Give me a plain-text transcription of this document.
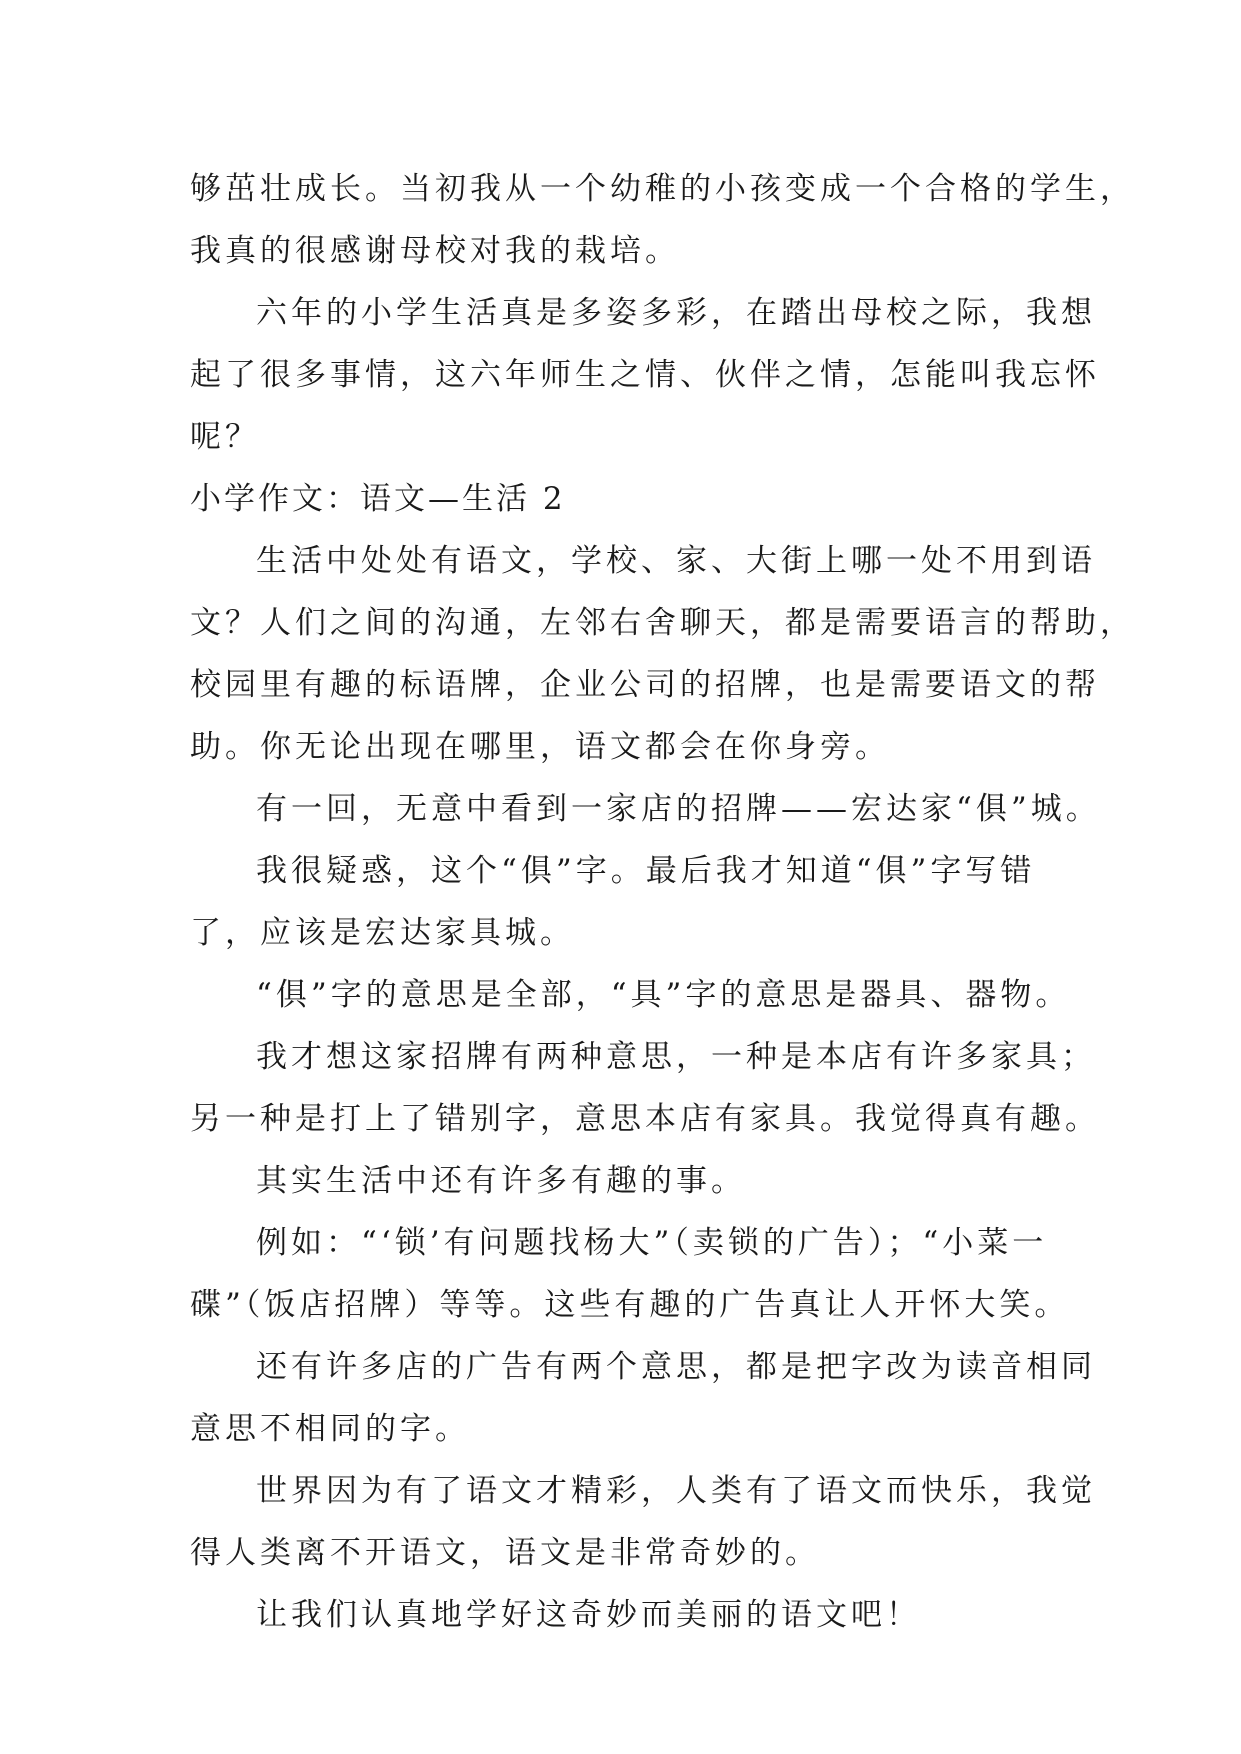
够茁壮成长。当初我从一个幼稚的小孩变成一个合格的学生，
我真的很感谢母校对我的栽培。
六年的小学生活真是多姿多彩，在踏出母校之际，我想
起了很多事情，这六年师生之情、伙伴之情，怎能叫我忘怀
呢？
小学作文：语文—生活 2
生活中处处有语文，学校、家、大街上哪一处不用到语
文？人们之间的沟通，左邻右舍聊天，都是需要语言的帮助，
校园里有趣的标语牌，企业公司的招牌，也是需要语文的帮
助。你无论出现在哪里，语文都会在你身旁。
有一回，无意中看到一家店的招牌——宏达家“俱”城。
我很疑惑，这个“俱”字。最后我才知道“俱”字写错
了，应该是宏达家具城。
“俱”字的意思是全部，“具”字的意思是器具、器物。
我才想这家招牌有两种意思，一种是本店有许多家具；
另一种是打上了错别字，意思本店有家具。我觉得真有趣。
其实生活中还有许多有趣的事。
例如：“‘锁’有问题找杨大”（卖锁的广告）；“小菜一
碟”（饭店招牌）等等。这些有趣的广告真让人开怀大笑。
还有许多店的广告有两个意思，都是把字改为读音相同
意思不相同的字。
世界因为有了语文才精彩，人类有了语文而快乐，我觉
得人类离不开语文，语文是非常奇妙的。
让我们认真地学好这奇妙而美丽的语文吧！
